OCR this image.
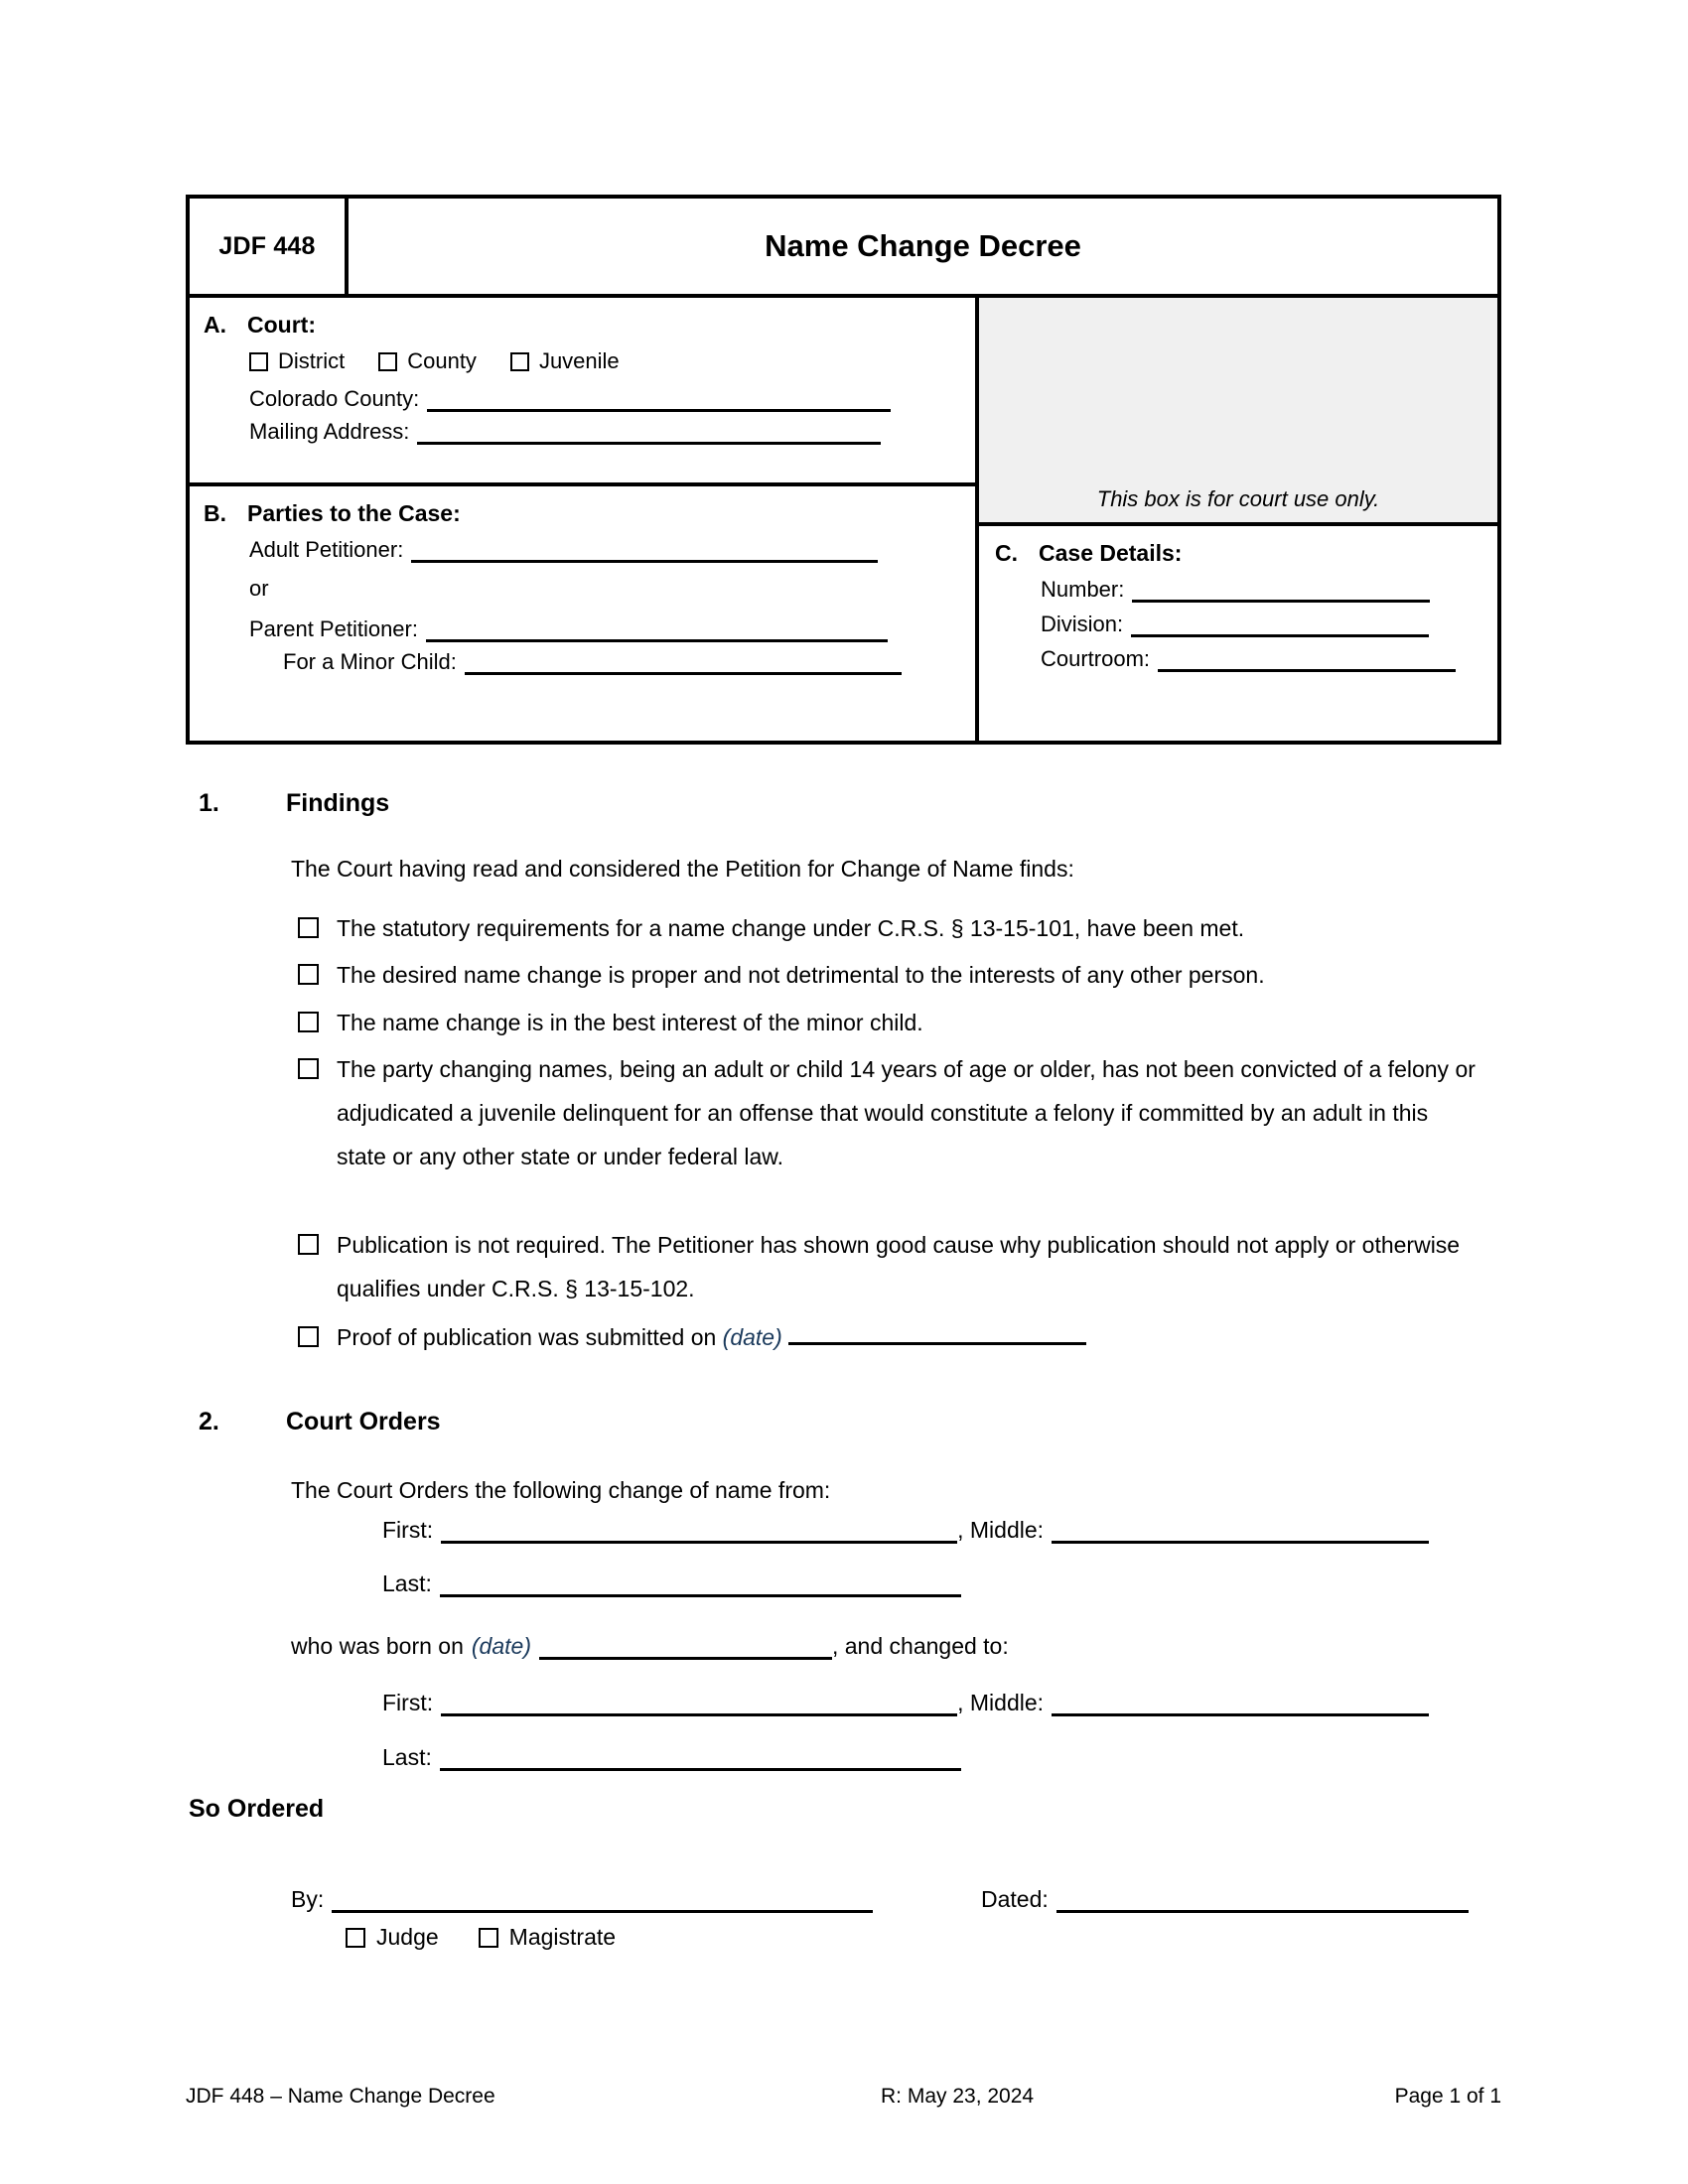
JDF 448	Name Change Decree
A. Court:
District	County	Juvenile
Colorado County:
Mailing Address:
B. Parties to the Case:
Adult Petitioner:
or
Parent Petitioner:
For a Minor Child:
This box is for court use only.
C. Case Details:
Number:
Division:
Courtroom:
1.	Findings
The Court having read and considered the Petition for Change of Name finds:
The statutory requirements for a name change under C.R.S. § 13-15-101, have been met.
The desired name change is proper and not detrimental to the interests of any other person.
The name change is in the best interest of the minor child.
The party changing names, being an adult or child 14 years of age or older, has not been convicted of a felony or adjudicated a juvenile delinquent for an offense that would constitute a felony if committed by an adult in this state or any other state or under federal law.
Publication is not required. The Petitioner has shown good cause why publication should not apply or otherwise qualifies under C.R.S. § 13-15-102.
Proof of publication was submitted on (date)
2.	Court Orders
The Court Orders the following change of name from:
First:	, Middle:
Last:
who was born on (date)	, and changed to:
First:	, Middle:
Last:
So Ordered
By:	Dated:
Judge	Magistrate
JDF 448 – Name Change Decree	R: May 23, 2024	Page 1 of 1
